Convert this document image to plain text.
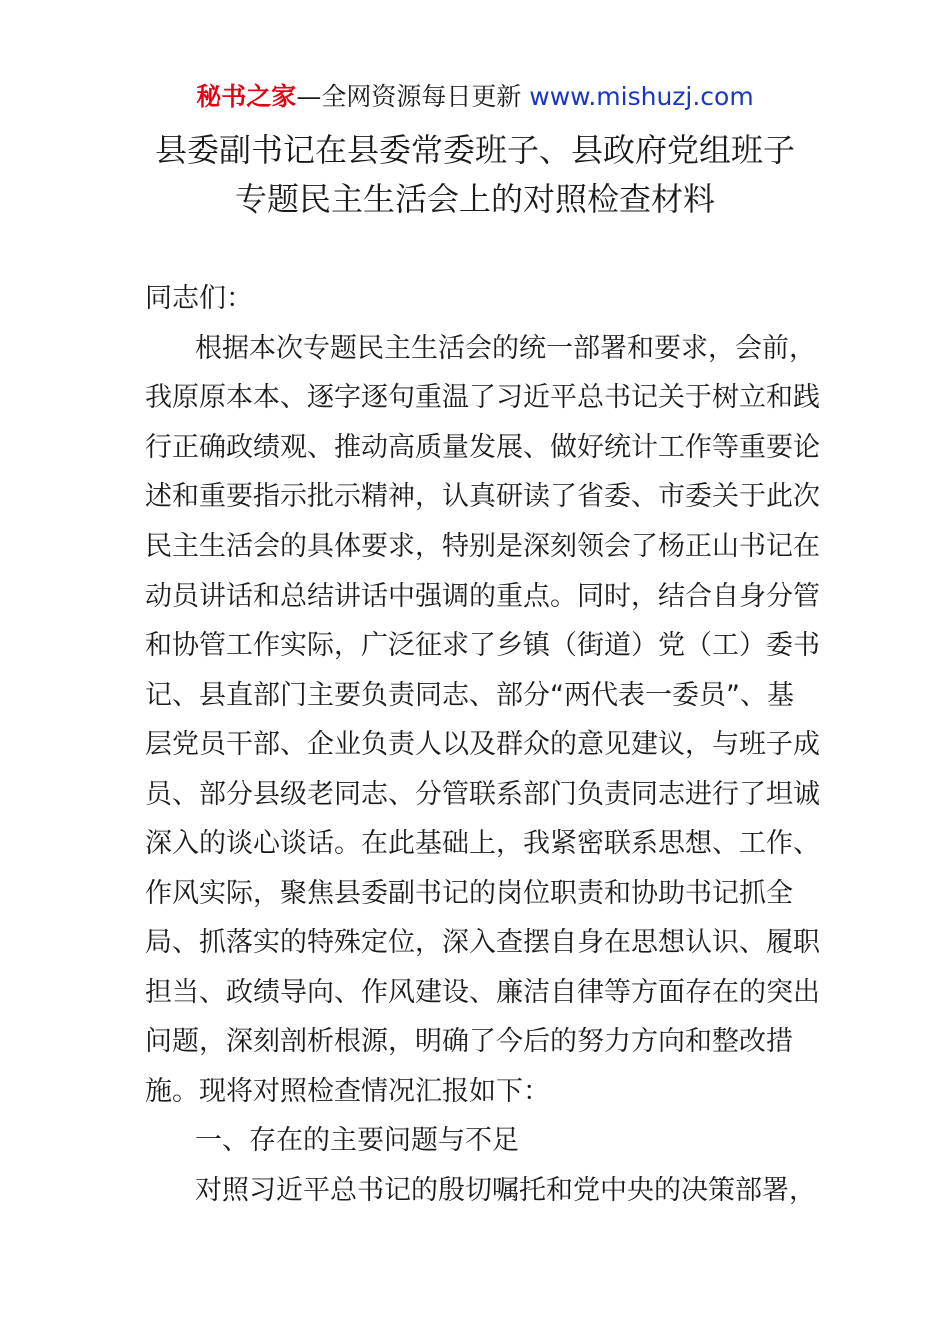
秘书之家—全网资源每日更新 www.mishuzj.com
县委副书记在县委常委班子、县政府党组班子
专题民主生活会上的对照检查材料
同志们：
根据本次专题民主生活会的统一部署和要求，会前，
我原原本本、逐字逐句重温了习近平总书记关于树立和践
行正确政绩观、推动高质量发展、做好统计工作等重要论
述和重要指示批示精神，认真研读了省委、市委关于此次
民主生活会的具体要求，特别是深刻领会了杨正山书记在
动员讲话和总结讲话中强调的重点。同时，结合自身分管
和协管工作实际，广泛征求了乡镇（街道）党（工）委书
记、县直部门主要负责同志、部分“两代表一委员”、基
层党员干部、企业负责人以及群众的意见建议，与班子成
员、部分县级老同志、分管联系部门负责同志进行了坦诚
深入的谈心谈话。在此基础上，我紧密联系思想、工作、
作风实际，聚焦县委副书记的岗位职责和协助书记抓全
局、抓落实的特殊定位，深入查摆自身在思想认识、履职
担当、政绩导向、作风建设、廉洁自律等方面存在的突出
问题，深刻剖析根源，明确了今后的努力方向和整改措
施。现将对照检查情况汇报如下：
一、存在的主要问题与不足
对照习近平总书记的殷切嘱托和党中央的决策部署，
